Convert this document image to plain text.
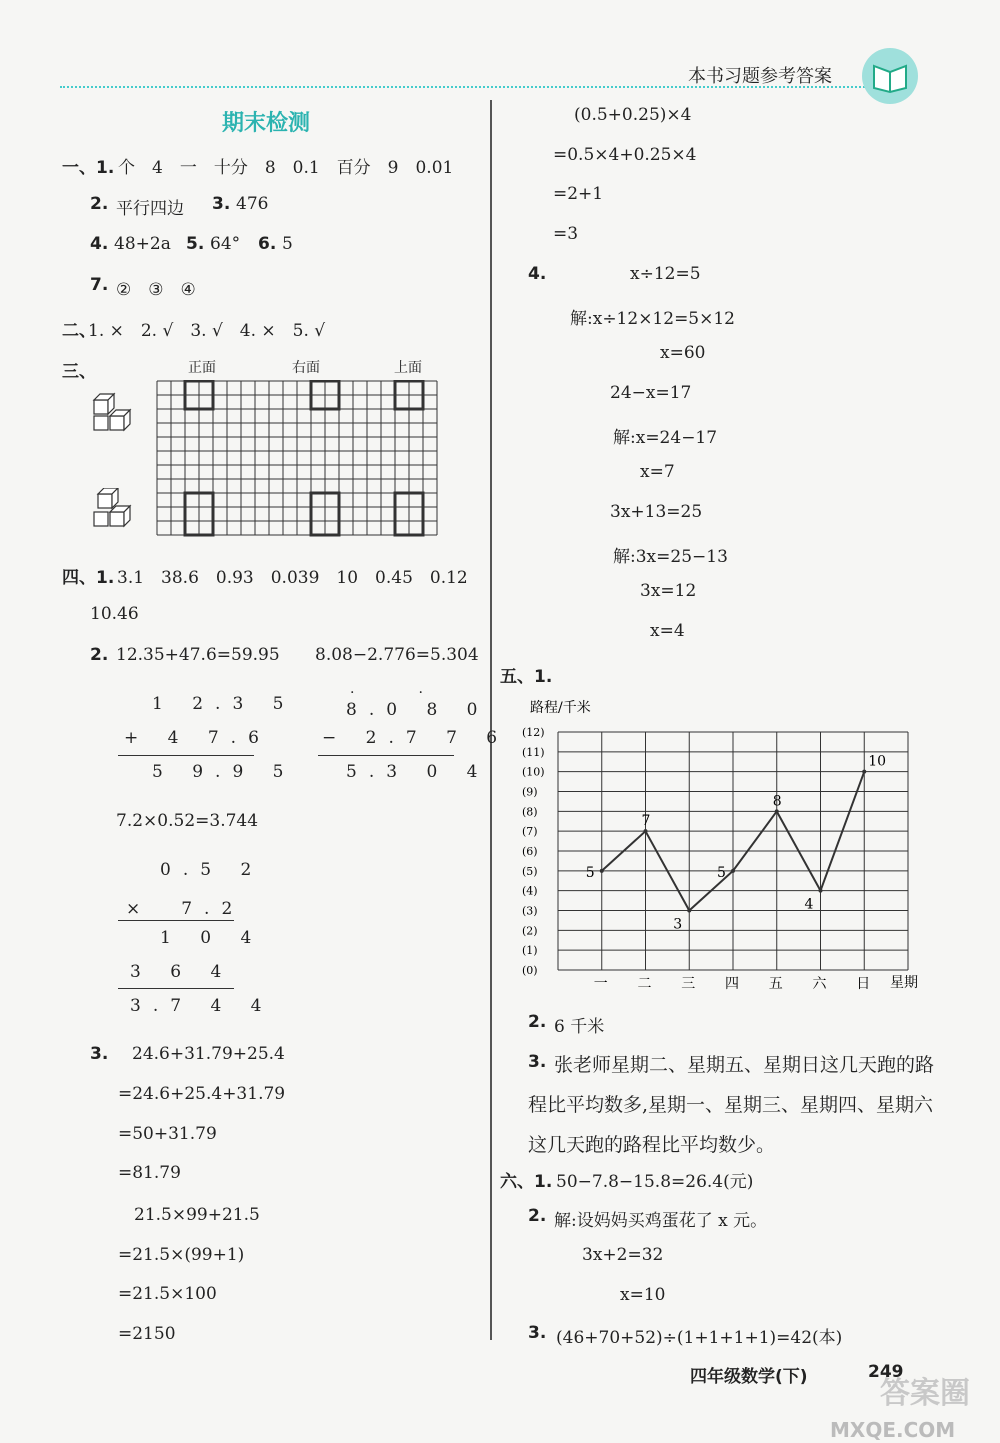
本书习题参考答案
期末检测
一、1. 个　4　一　十分　8　0.1　百分　9　0.01
2. 平行四边 3. 476
4. 48+2a 5. 64° 6. 5
7. ②　③　④
二、
1. ×　2. √　3. √　4. ×　5. √
三、	正面	右面	上面
四、1. 3.1　38.6　0.93　0.039　10　0.45　0.12
10.46
2. 12.35+47.6=59.95 8.08−2.776=5.304
1 2.3 5
+ 4 7.6
5 9.9 5
.　　.
8.0 8 0
− 2.7 7 6
5.3 0 4
7.2×0.52=3.744
0.5 2
×　7.2
1 0 4
3 6 4
3.7 4 4
3. 24.6+31.79+25.4
=24.6+25.4+31.79
=50+31.79
=81.79
21.5×99+21.5
=21.5×(99+1)
=21.5×100
=2150
(0.5+0.25)×4
=0.5×4+0.25×4
=2+1
=3
4.	x÷12=5
解:x÷12×12=5×12
x=60
24−x=17
解:x=24−17
x=7
3x+13=25
解:3x=25−13
3x=12
x=4
五、1.
路程/千米
星期
(0)
(1)
(2)
(3)
(4)
(5)
(6)
(7)
(8)
(9)
(10)
(11)
(12)
一 二 三 四 五 六 日
5
7
3
5
8
4
10
2. 6 千米
3. 张老师星期二、星期五、星期日这几天跑的路
程比平均数多,星期一、星期三、星期四、星期六
这几天跑的路程比平均数少。
六、1. 50−7.8−15.8=26.4(元)
2. 解:设妈妈买鸡蛋花了 x 元。
3x+2=32
x=10
3. (46+70+52)÷(1+1+1+1)=42(本)
四年级数学(下)	249
MXQE.COM
答案圈
